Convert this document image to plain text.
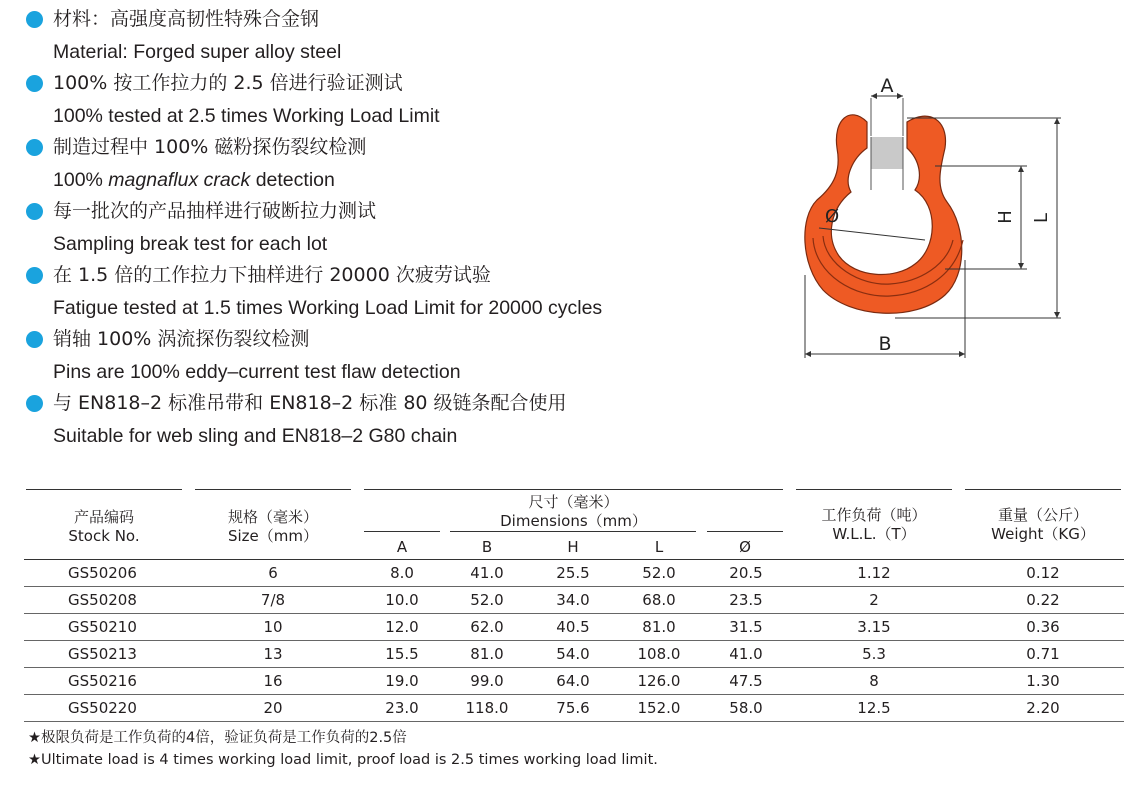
材料：高强度高韧性特殊合金钢
Material: Forged super alloy steel
100% 按工作拉力的 2.5 倍进行验证测试
100% tested at 2.5 times Working Load Limit
制造过程中 100% 磁粉探伤裂纹检测
100% magnaflux crack detection
每一批次的产品抽样进行破断拉力测试
Sampling break test for each lot
在 1.5 倍的工作拉力下抽样进行 20000 次疲劳试验
Fatigue tested at 1.5 times Working Load Limit for 20000 cycles
销轴 100% 涡流探伤裂纹检测
Pins are 100% eddy–current test flaw detection
与 EN818–2 标准吊带和 EN818–2 标准 80 级链条配合使用
Suitable for web sling and EN818–2 G80 chain
A
Ø	H L
B
产品编码
Stock No.
规格（毫米）
Size（mm）
尺寸（毫米）
Dimensions（mm）
A	B	H	L	Ø
工作负荷（吨）
W.L.L.（T）
重量（公斤）
Weight（KG）
GS50206	6	8.0	41.0	25.5	52.0	20.5	1.12	0.12
GS50208	7/8	10.0	52.0	34.0	68.0	23.5	2	0.22
GS50210	10	12.0	62.0	40.5	81.0	31.5	3.15	0.36
GS50213	13	15.5	81.0	54.0	108.0	41.0	5.3	0.71
GS50216	16	19.0	99.0	64.0	126.0	47.5	8	1.30
GS50220	20	23.0	118.0	75.6	152.0	58.0	12.5	2.20
★极限负荷是工作负荷的4倍，验证负荷是工作负荷的2.5倍
★Ultimate load is 4 times working load limit, proof load is 2.5 times working load limit.
